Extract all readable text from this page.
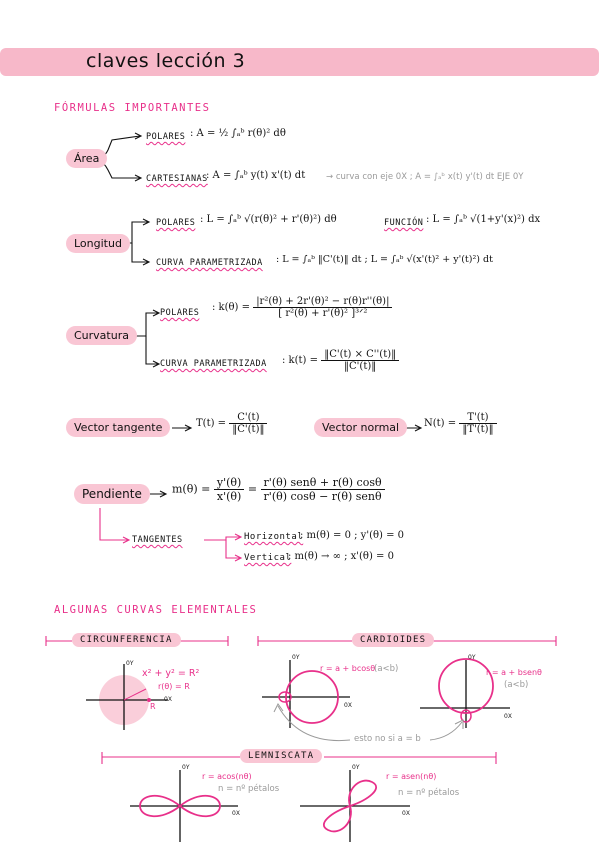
claves lección 3
FÓRMULAS IMPORTANTES
Área
POLARES : A = ½ ∫ₐᵇ r(θ)² dθ
CARTESIANAS
: A = ∫ₐᵇ y(t) x'(t) dt → curva con eje 0X ; A = ∫ₐᵇ x(t) y'(t) dt EJE 0Y
Longitud
POLARES : L = ∫ₐᵇ √(r(θ)² + r'(θ)²) dθ	FUNCIÓN : L = ∫ₐᵇ √(1+y'(x)²) dx
CURVA PARAMETRIZADA : L = ∫ₐᵇ ‖C'(t)‖ dt ; L = ∫ₐᵇ √(x'(t)² + y'(t)²) dt
Curvatura
POLARES : $k(\theta) = \frac{\text{|r²(θ) + 2r'(θ)² − r(θ)r''(θ)|}}{\text{[ r²(θ) + r'(θ)² ]³ᐟ²}}$
CURVA PARAMETRIZADA : $k(t) = \frac{‖C'(t) \times C''(t)‖}{‖C'(t)‖}$
Vector tangente	$T(t) = \frac{C'(t)}{‖C'(t)‖}$	Vector normal	$N(t) = \frac{T'(t)}{‖T'(t)‖}$
Pendiente	$m(\theta) = \frac{y'(\theta)}{x'(\theta)} = \frac{\text{r'(θ) senθ + r(θ) cosθ}}{\text{r'(θ) cosθ − r(θ) senθ}}$
TANGENTES	Horizontal
: m(θ) = 0 ; y'(θ) = 0
Vertical
: m(θ) → ∞ ; x'(θ) = 0
ALGUNAS CURVAS ELEMENTALES
CIRCUNFERENCIA
x² + y² = R²
r(θ) = R
R
0X
0Y
CARDIOIDES
r = a + bcosθ
(a<b)	r = a + bsenθ
(a<b)
esto no si a = b
0X
0Y
0X
0Y
LEMNISCATA
r = acos(nθ)
n = nº pétalos
r = asen(nθ)
n = nº pétalos
0X
0Y
0X
0Y
